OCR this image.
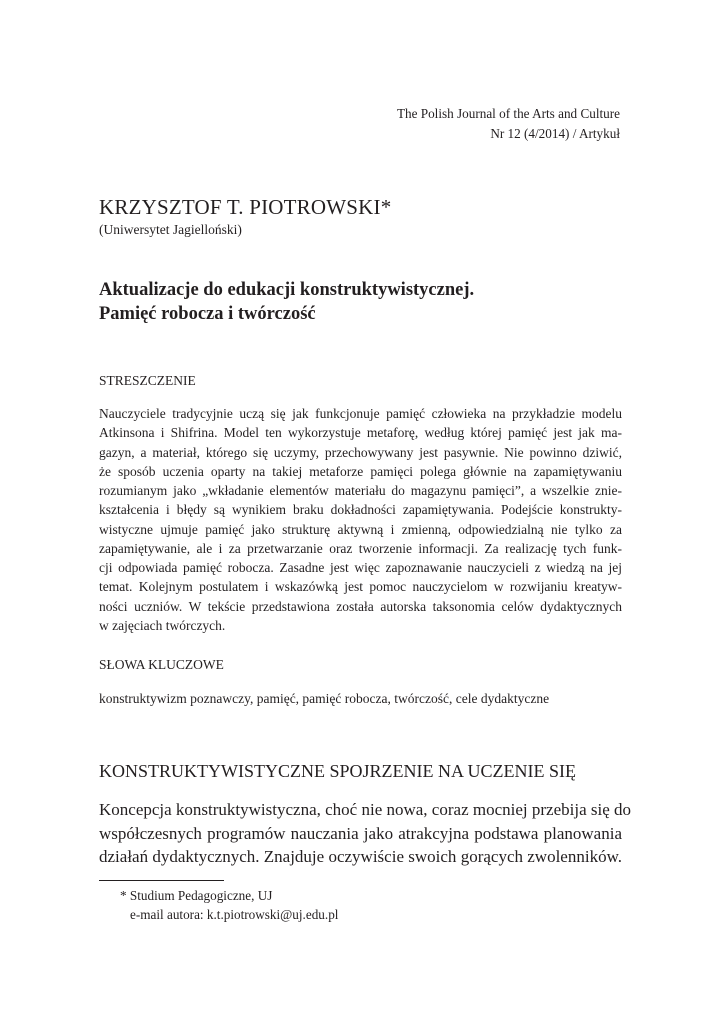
The Polish Journal of the Arts and Culture
Nr 12 (4/2014) / Artykuł
KRZYSZTOF T. PIOTROWSKI*
(Uniwersytet Jagielloński)
Aktualizacje do edukacji konstruktywistycznej.
Pamięć robocza i twórczość
STRESZCZENIE
Nauczyciele tradycyjnie uczą się jak funkcjonuje pamięć człowieka na przykładzie modelu
Atkinsona i Shifrina. Model ten wykorzystuje metaforę, według której pamięć jest jak ma-
gazyn, a materiał, którego się uczymy, przechowywany jest pasywnie. Nie powinno dziwić,
że sposób uczenia oparty na takiej metaforze pamięci polega głównie na zapamiętywaniu
rozumianym jako „wkładanie elementów materiału do magazynu pamięci”, a wszelkie znie-
kształcenia i błędy są wynikiem braku dokładności zapamiętywania. Podejście konstrukty-
wistyczne ujmuje pamięć jako strukturę aktywną i zmienną, odpowiedzialną nie tylko za
zapamiętywanie, ale i za przetwarzanie oraz tworzenie informacji. Za realizację tych funk-
cji odpowiada pamięć robocza. Zasadne jest więc zapoznawanie nauczycieli z wiedzą na jej
temat. Kolejnym postulatem i wskazówką jest pomoc nauczycielom w rozwijaniu kreatyw-
ności uczniów. W tekście przedstawiona została autorska taksonomia celów dydaktycznych
w zajęciach twórczych.
SŁOWA KLUCZOWE
konstruktywizm poznawczy, pamięć, pamięć robocza, twórczość, cele dydaktyczne
KONSTRUKTYWISTYCZNE SPOJRZENIE NA UCZENIE SIĘ
Koncepcja konstruktywistyczna, choć nie nowa, coraz mocniej przebija się do
współczesnych programów nauczania jako atrakcyjna podstawa planowania
działań dydaktycznych. Znajduje oczywiście swoich gorących zwolenników.
* Studium Pedagogiczne, UJ
e-mail autora: k.t.piotrowski@uj.edu.pl
